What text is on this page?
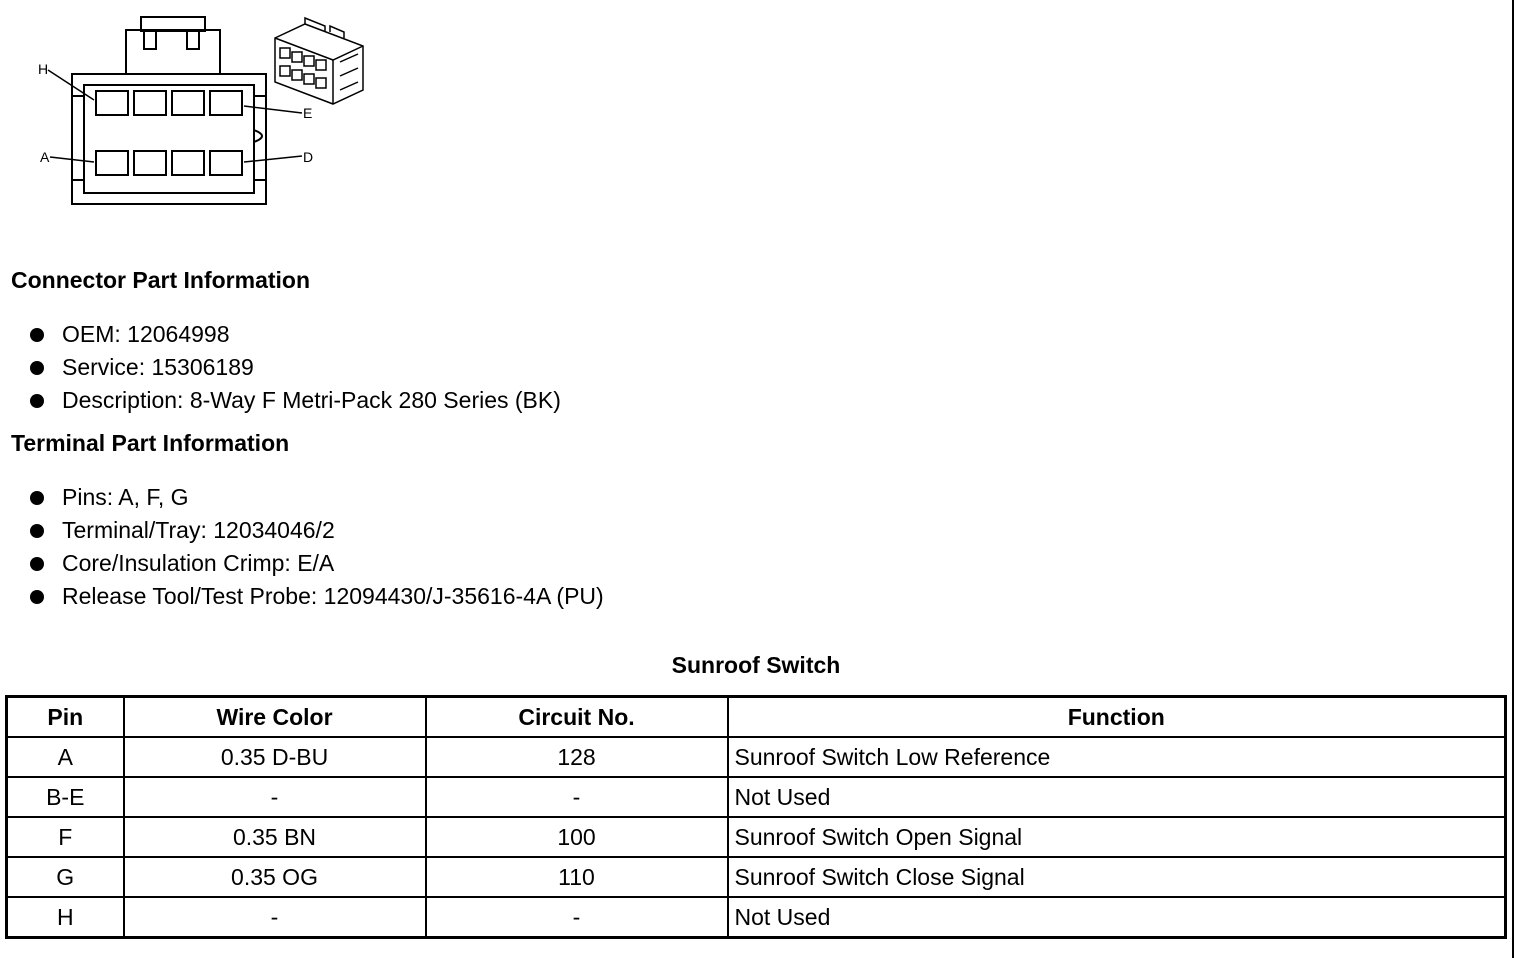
H
E
A	D
Connector Part Information
OEM: 12064998
Service: 15306189
Description: 8-Way F Metri-Pack 280 Series (BK)
Terminal Part Information
Pins: A, F, G
Terminal/Tray: 12034046/2
Core/Insulation Crimp: E/A
Release Tool/Test Probe: 12094430/J-35616-4A (PU)
Sunroof Switch
Pin	Wire Color	Circuit No.	Function
A	0.35 D-BU	128	Sunroof Switch Low Reference
B-E	-	-	Not Used
F	0.35 BN	100	Sunroof Switch Open Signal
G	0.35 OG	110	Sunroof Switch Close Signal
H	-	-	Not Used
